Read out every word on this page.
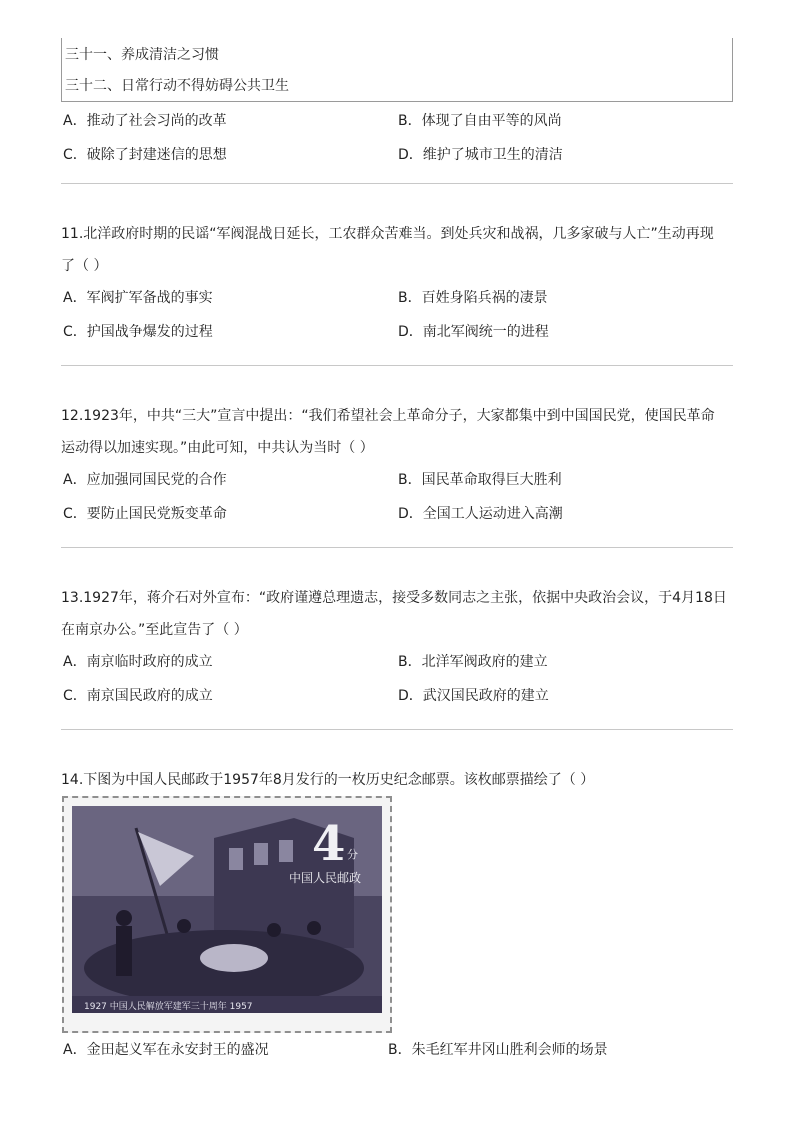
三十一、养成清洁之习惯
三十二、日常行动不得妨碍公共卫生
A．推动了社会习尚的改革	B．体现了自由平等的风尚
C．破除了封建迷信的思想	D．维护了城市卫生的清洁
11.北洋政府时期的民谣“军阀混战日延长，工农群众苦难当。到处兵灾和战祸，几多家破与人亡”生动再现
了（ ）
A．军阀扩军备战的事实	B．百姓身陷兵祸的凄景
C．护国战争爆发的过程	D．南北军阀统一的进程
12.1923年，中共“三大”宣言中提出：“我们希望社会上革命分子，大家都集中到中国国民党，使国民革命
运动得以加速实现。”由此可知，中共认为当时（ ）
A．应加强同国民党的合作	B．国民革命取得巨大胜利
C．要防止国民党叛变革命	D．全国工人运动进入高潮
13.1927年，蒋介石对外宣布：“政府谨遵总理遗志，接受多数同志之主张，依据中央政治会议，于4月18日
在南京办公。”至此宣告了（ ）
A．南京临时政府的成立	B．北洋军阀政府的建立
C．南京国民政府的成立	D．武汉国民政府的建立
14.下图为中国人民邮政于1957年8月发行的一枚历史纪念邮票。该枚邮票描绘了（ ）
4 分
中国人民邮政
1927 中国人民解放军建军三十周年 1957
A．金田起义军在永安封王的盛况	B．朱毛红军井冈山胜利会师的场景
